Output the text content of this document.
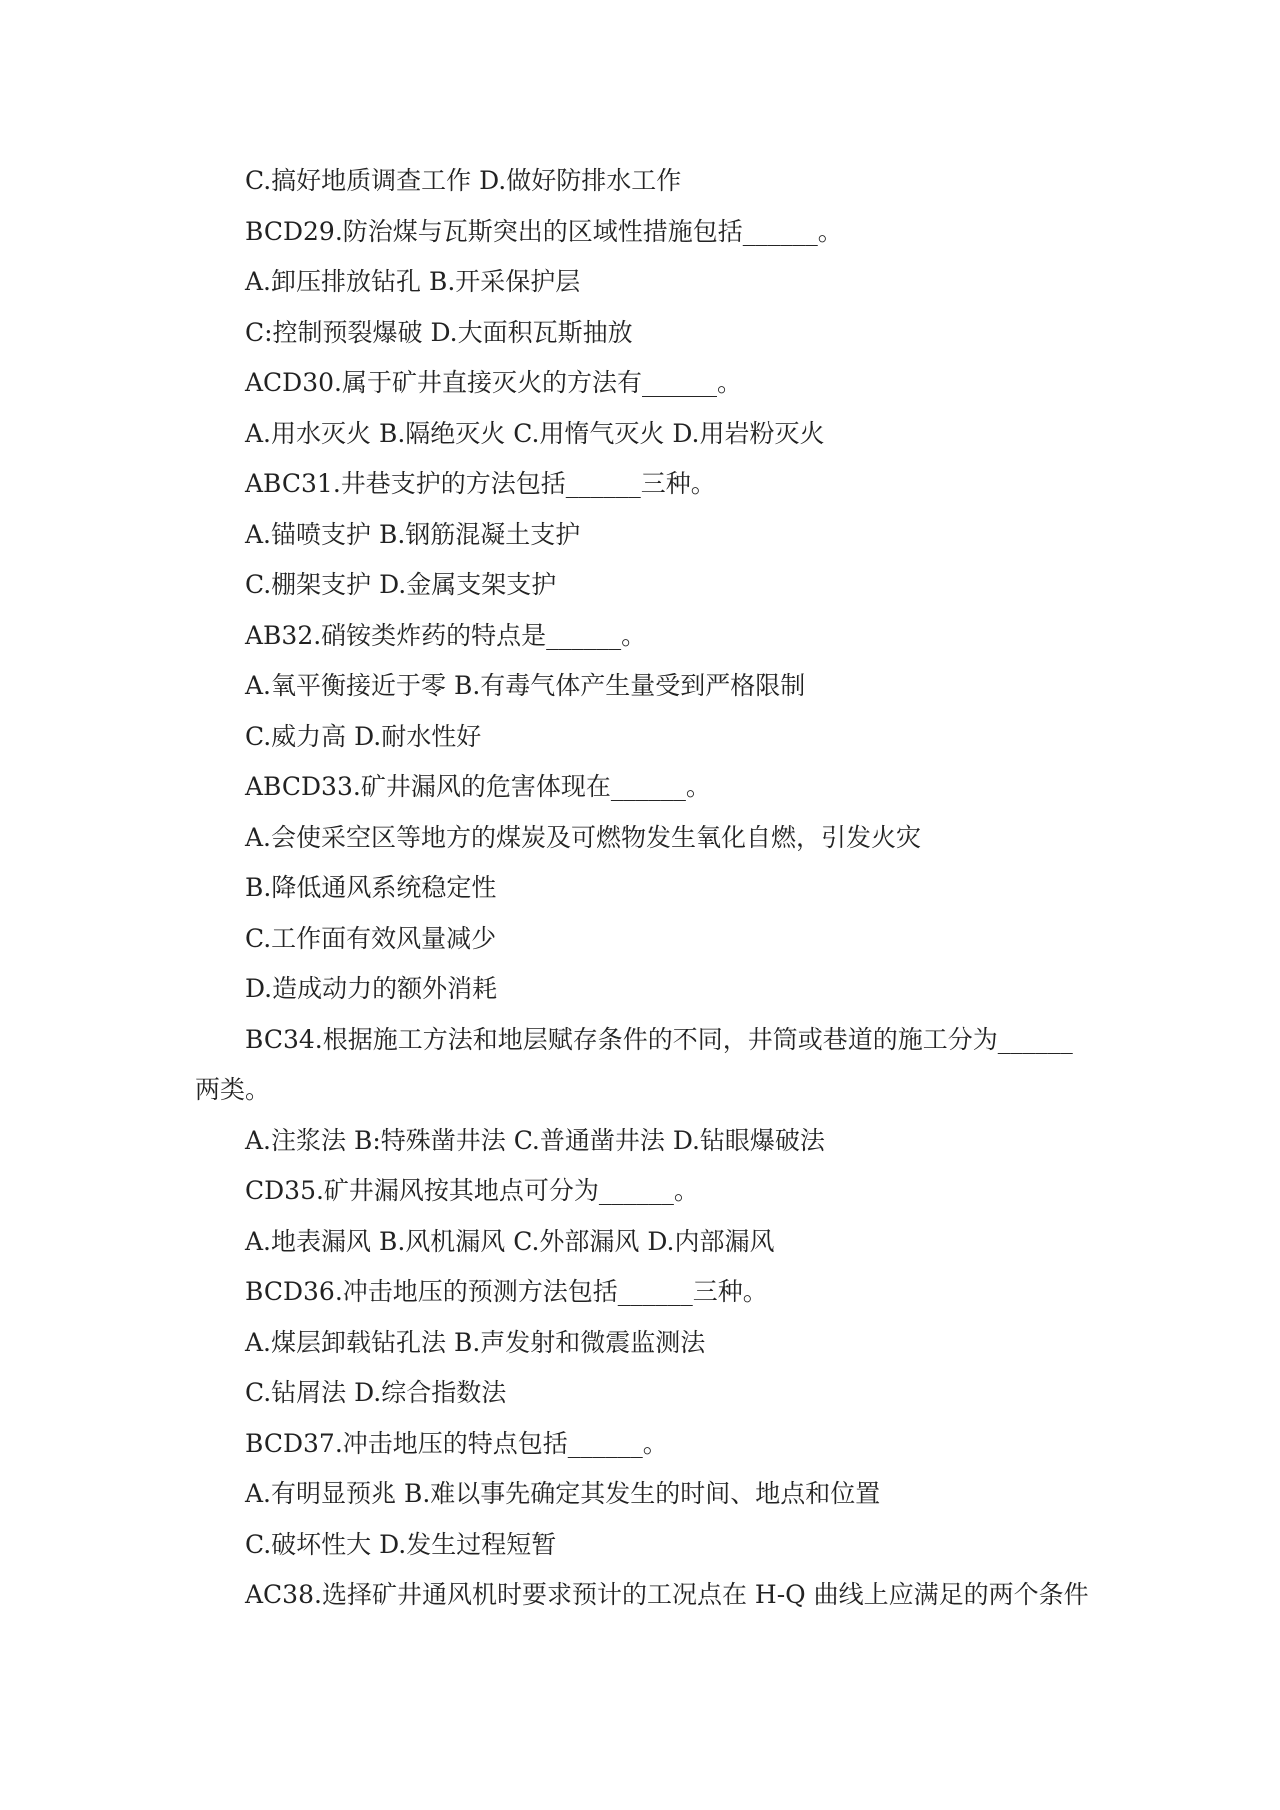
C.搞好地质调查工作 D.做好防排水工作
BCD29.防治煤与瓦斯突出的区域性措施包括______。
A.卸压排放钻孔 B.开采保护层
C:控制预裂爆破 D.大面积瓦斯抽放
ACD30.属于矿井直接灭火的方法有______。
A.用水灭火 B.隔绝灭火 C.用惰气灭火 D.用岩粉灭火
ABC31.井巷支护的方法包括______三种。
A.锚喷支护 B.钢筋混凝土支护
C.棚架支护 D.金属支架支护
AB32.硝铵类炸药的特点是______。
A.氧平衡接近于零 B.有毒气体产生量受到严格限制
C.威力高 D.耐水性好
ABCD33.矿井漏风的危害体现在______。
A.会使采空区等地方的煤炭及可燃物发生氧化自燃，引发火灾
B.降低通风系统稳定性
C.工作面有效风量减少
D.造成动力的额外消耗
BC34.根据施工方法和地层赋存条件的不同，井筒或巷道的施工分为______
两类。
A.注浆法 B:特殊凿井法 C.普通凿井法 D.钻眼爆破法
CD35.矿井漏风按其地点可分为______。
A.地表漏风 B.风机漏风 C.外部漏风 D.内部漏风
BCD36.冲击地压的预测方法包括______三种。
A.煤层卸载钻孔法 B.声发射和微震监测法
C.钻屑法 D.综合指数法
BCD37.冲击地压的特点包括______。
A.有明显预兆 B.难以事先确定其发生的时间、地点和位置
C.破坏性大 D.发生过程短暂
AC38.选择矿井通风机时要求预计的工况点在 H-Q 曲线上应满足的两个条件
